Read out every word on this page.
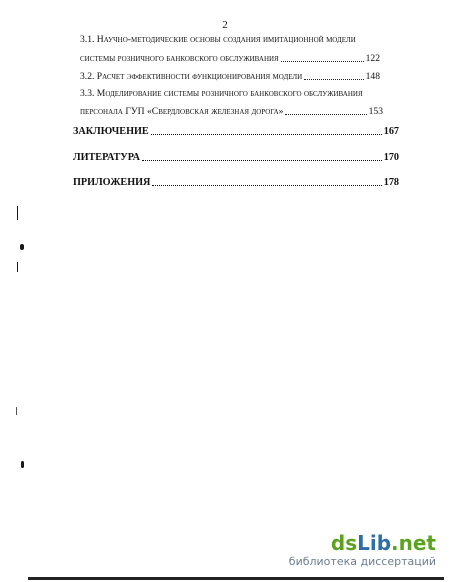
2
3.1. Научно-методические основы создания имитационной модели
системы розничного банковского обслуживания	122
3.2. Расчет эффективности функционирования модели	148
3.3. Моделирование системы розничного банковского обслуживания
персонала ГУП «Свердловская железная дорога»	153
ЗАКЛЮЧЕНИЕ	167
ЛИТЕРАТУРА	170
ПРИЛОЖЕНИЯ	178
dsLib.net
библиотека диссертаций
